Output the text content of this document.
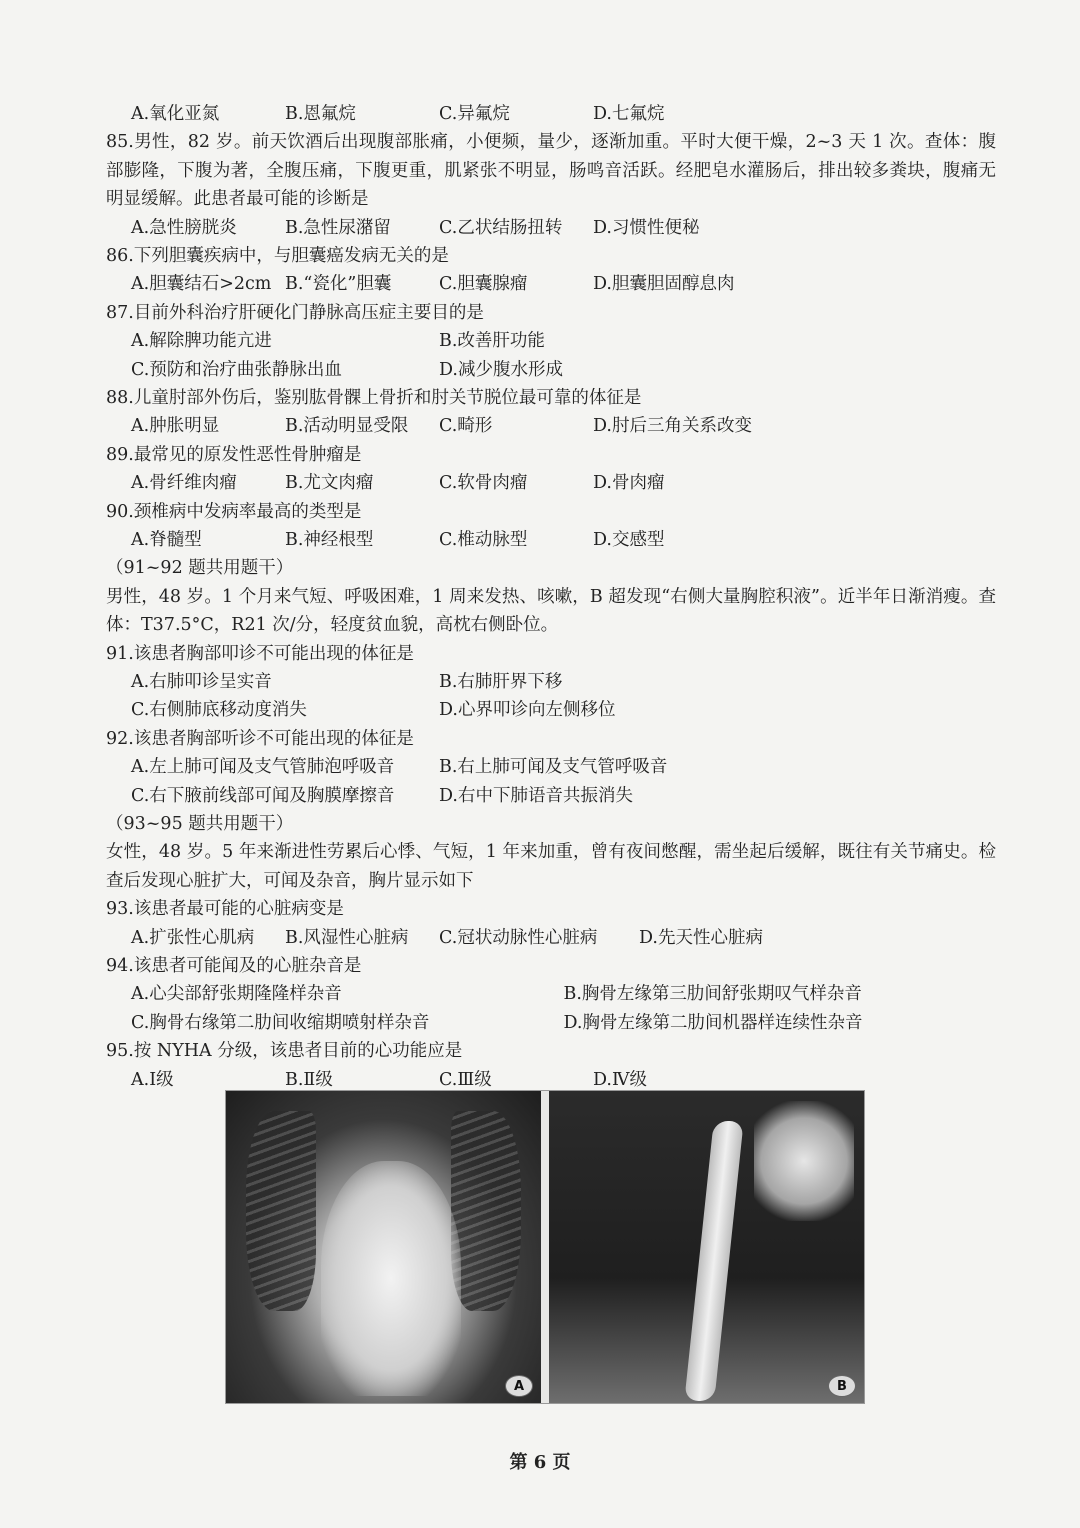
A.氧化亚氮	B.恩氟烷	C.异氟烷	D.七氟烷
85.男性，82 岁。前天饮酒后出现腹部胀痛，小便频，量少，逐渐加重。平时大便干燥，2~3 天 1 次。查体：腹部膨隆，下腹为著，全腹压痛，下腹更重，肌紧张不明显，肠鸣音活跃。经肥皂水灌肠后，排出较多粪块，腹痛无明显缓解。此患者最可能的诊断是
A.急性膀胱炎	B.急性尿潴留	C.乙状结肠扭转	D.习惯性便秘
86.下列胆囊疾病中，与胆囊癌发病无关的是
A.胆囊结石>2cm B.“瓷化”胆囊	C.胆囊腺瘤	D.胆囊胆固醇息肉
87.目前外科治疗肝硬化门静脉高压症主要目的是
A.解除脾功能亢进	B.改善肝功能
C.预防和治疗曲张静脉出血	D.减少腹水形成
88.儿童肘部外伤后，鉴别肱骨髁上骨折和肘关节脱位最可靠的体征是
A.肿胀明显	B.活动明显受限	C.畸形	D.肘后三角关系改变
89.最常见的原发性恶性骨肿瘤是
A.骨纤维肉瘤	B.尤文肉瘤	C.软骨肉瘤	D.骨肉瘤
90.颈椎病中发病率最高的类型是
A.脊髓型	B.神经根型	C.椎动脉型	D.交感型
（91~92 题共用题干）
男性，48 岁。1 个月来气短、呼吸困难，1 周来发热、咳嗽，B 超发现“右侧大量胸腔积液”。近半年日渐消瘦。查体：T37.5°C，R21 次/分，轻度贫血貌，高枕右侧卧位。
91.该患者胸部叩诊不可能出现的体征是
A.右肺叩诊呈实音	B.右肺肝界下移
C.右侧肺底移动度消失	D.心界叩诊向左侧移位
92.该患者胸部听诊不可能出现的体征是
A.左上肺可闻及支气管肺泡呼吸音	B.右上肺可闻及支气管呼吸音
C.右下腋前线部可闻及胸膜摩擦音	D.右中下肺语音共振消失
（93~95 题共用题干）
女性，48 岁。5 年来渐进性劳累后心悸、气短，1 年来加重，曾有夜间憋醒，需坐起后缓解，既往有关节痛史。检查后发现心脏扩大，可闻及杂音，胸片显示如下
93.该患者最可能的心脏病变是
A.扩张性心肌病	B.风湿性心脏病	C.冠状动脉性心脏病	D.先天性心脏病
94.该患者可能闻及的心脏杂音是
A.心尖部舒张期隆隆样杂音	B.胸骨左缘第三肋间舒张期叹气样杂音
C.胸骨右缘第二肋间收缩期喷射样杂音	D.胸骨左缘第二肋间机器样连续性杂音
95.按 NYHA 分级，该患者目前的心功能应是
A.Ⅰ级	B.Ⅱ级	C.Ⅲ级	D.Ⅳ级
A	B
第 6 页
